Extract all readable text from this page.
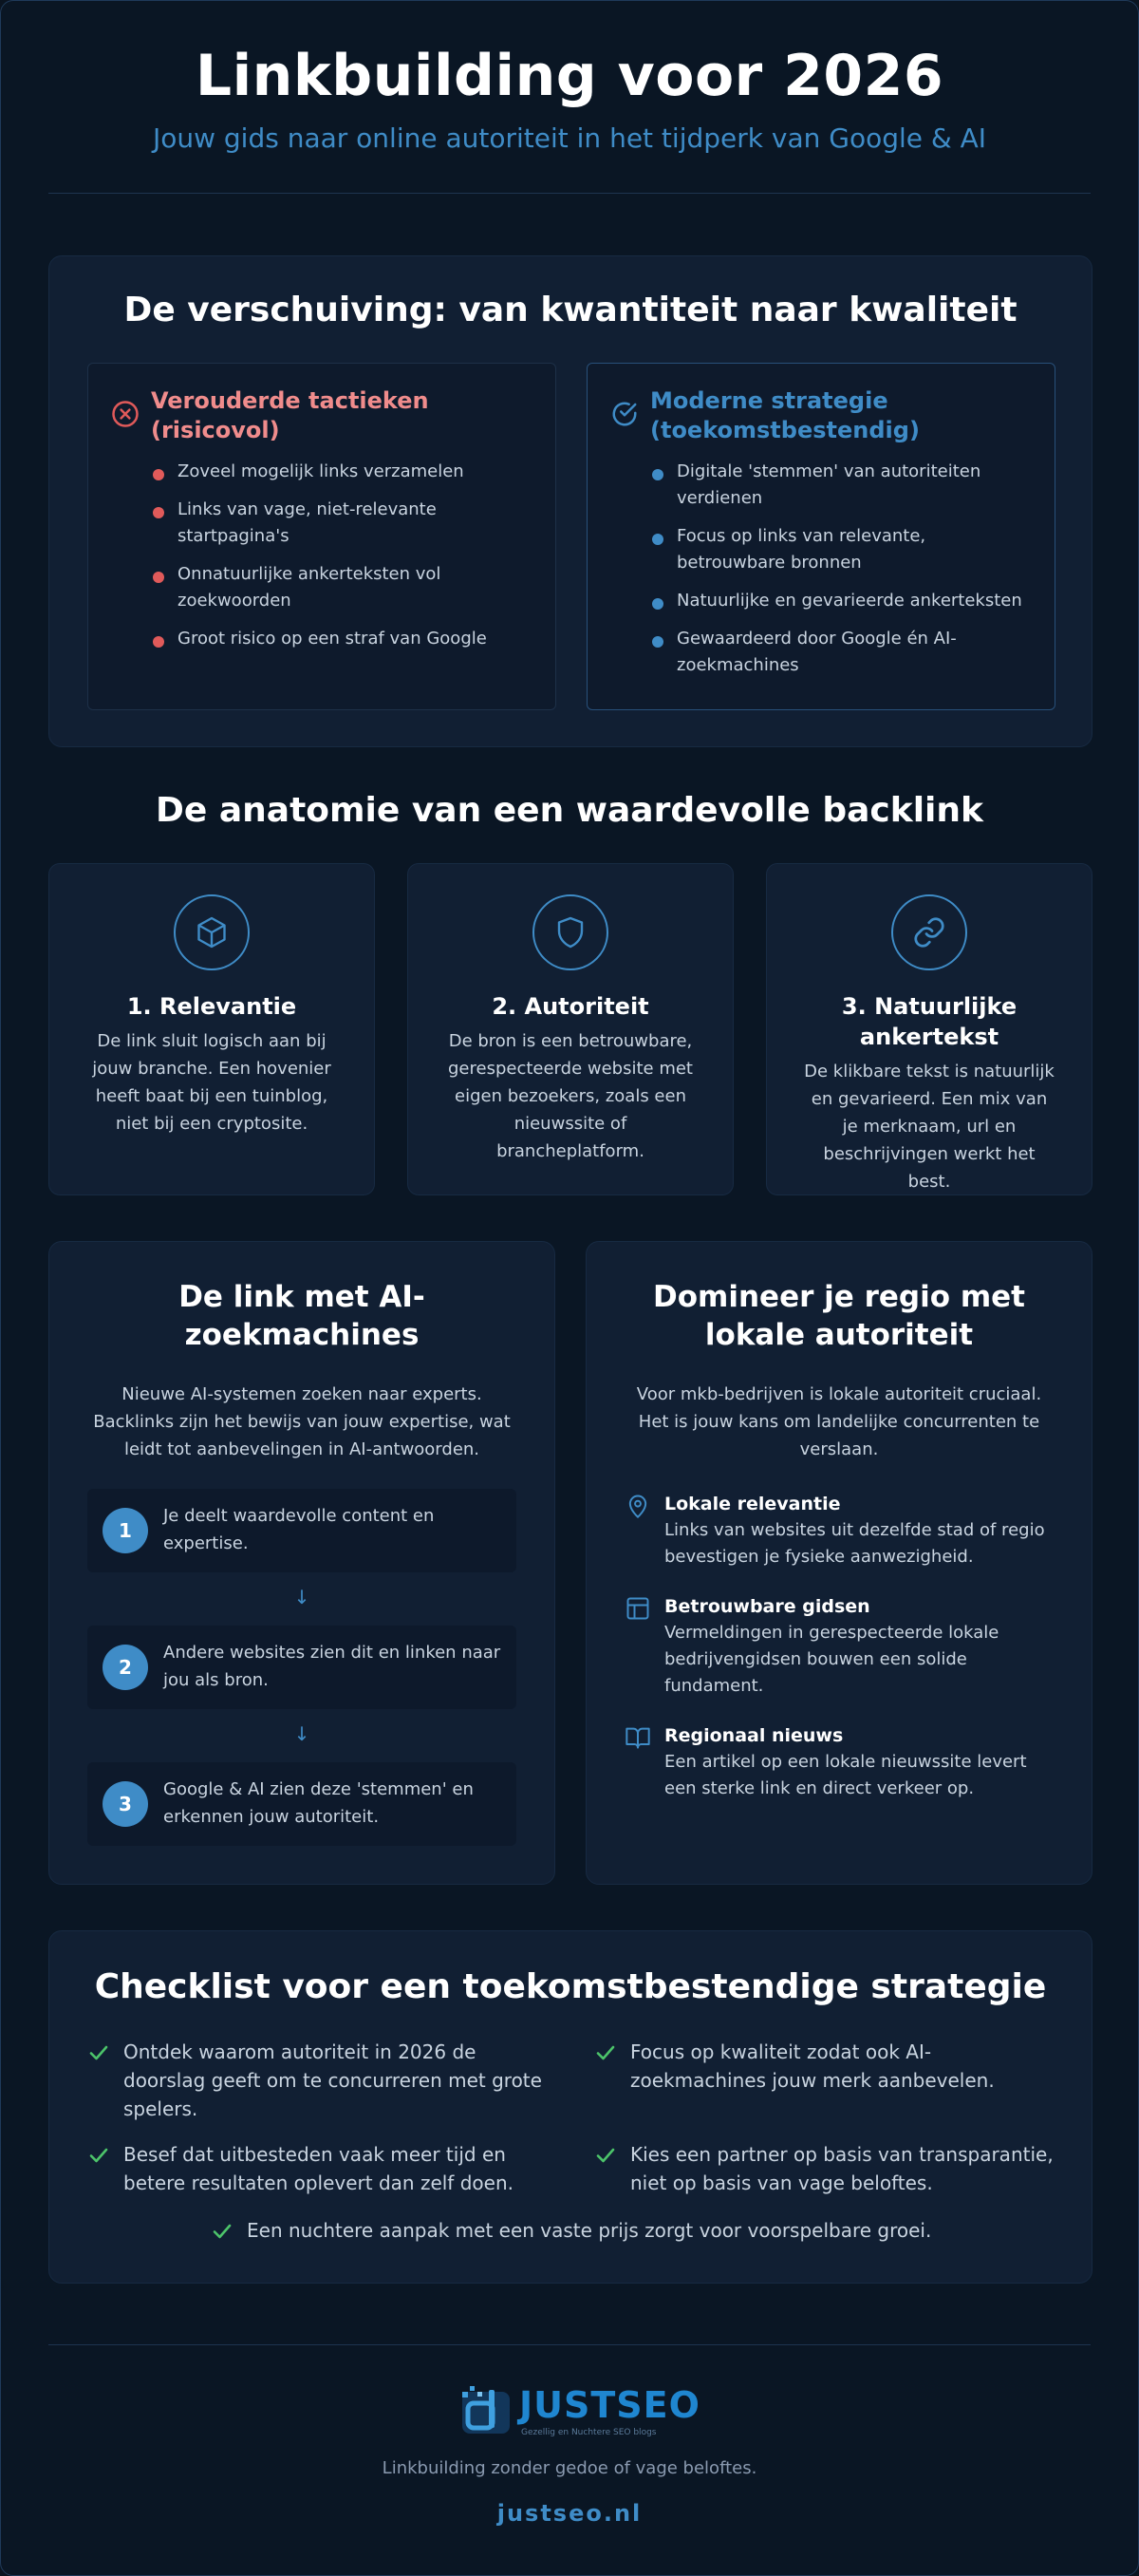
Linkbuilding voor 2026
Jouw gids naar online autoriteit in het tijdperk van Google & AI
De verschuiving: van kwantiteit naar kwaliteit
Verouderde tactieken
(risicovol)
Zoveel mogelijk links verzamelen
Links van vage, niet-relevante startpagina's
Onnatuurlijke ankerteksten vol zoekwoorden
Groot risico op een straf van Google
Moderne strategie
(toekomstbestendig)
Digitale 'stemmen' van autoriteiten verdienen
Focus op links van relevante, betrouwbare bronnen
Natuurlijke en gevarieerde ankerteksten
Gewaardeerd door Google én AI-zoekmachines
De anatomie van een waardevolle backlink
1. Relevantie
De link sluit logisch aan bij jouw branche. Een hovenier heeft baat bij een tuinblog, niet bij een cryptosite.
2. Autoriteit
De bron is een betrouwbare, gerespecteerde website met eigen bezoekers, zoals een nieuwssite of brancheplatform.
3. Natuurlijke ankertekst
De klikbare tekst is natuurlijk en gevarieerd. Een mix van je merknaam, url en beschrijvingen werkt het best.
De link met AI-zoekmachines
Nieuwe AI-systemen zoeken naar experts. Backlinks zijn het bewijs van jouw expertise, wat leidt tot aanbevelingen in AI-antwoorden.
1
Je deelt waardevolle content en expertise.
↓
2
Andere websites zien dit en linken naar jou als bron.
↓
3
Google & AI zien deze 'stemmen' en erkennen jouw autoriteit.
Domineer je regio met lokale autoriteit
Voor mkb-bedrijven is lokale autoriteit cruciaal. Het is jouw kans om landelijke concurrenten te verslaan.
Lokale relevantie
Links van websites uit dezelfde stad of regio bevestigen je fysieke aanwezigheid.
Betrouwbare gidsen
Vermeldingen in gerespecteerde lokale bedrijvengidsen bouwen een solide fundament.
Regionaal nieuws
Een artikel op een lokale nieuwssite levert een sterke link en direct verkeer op.
Checklist voor een toekomstbestendige strategie
Ontdek waarom autoriteit in 2026 de doorslag geeft om te concurreren met grote spelers.
Focus op kwaliteit zodat ook AI-zoekmachines jouw merk aanbevelen.
Besef dat uitbesteden vaak meer tijd en betere resultaten oplevert dan zelf doen.
Kies een partner op basis van transparantie, niet op basis van vage beloftes.
Een nuchtere aanpak met een vaste prijs zorgt voor voorspelbare groei.
JUSTSEO
Gezellig en Nuchtere SEO blogs
Linkbuilding zonder gedoe of vage beloftes.
justseo.nl
